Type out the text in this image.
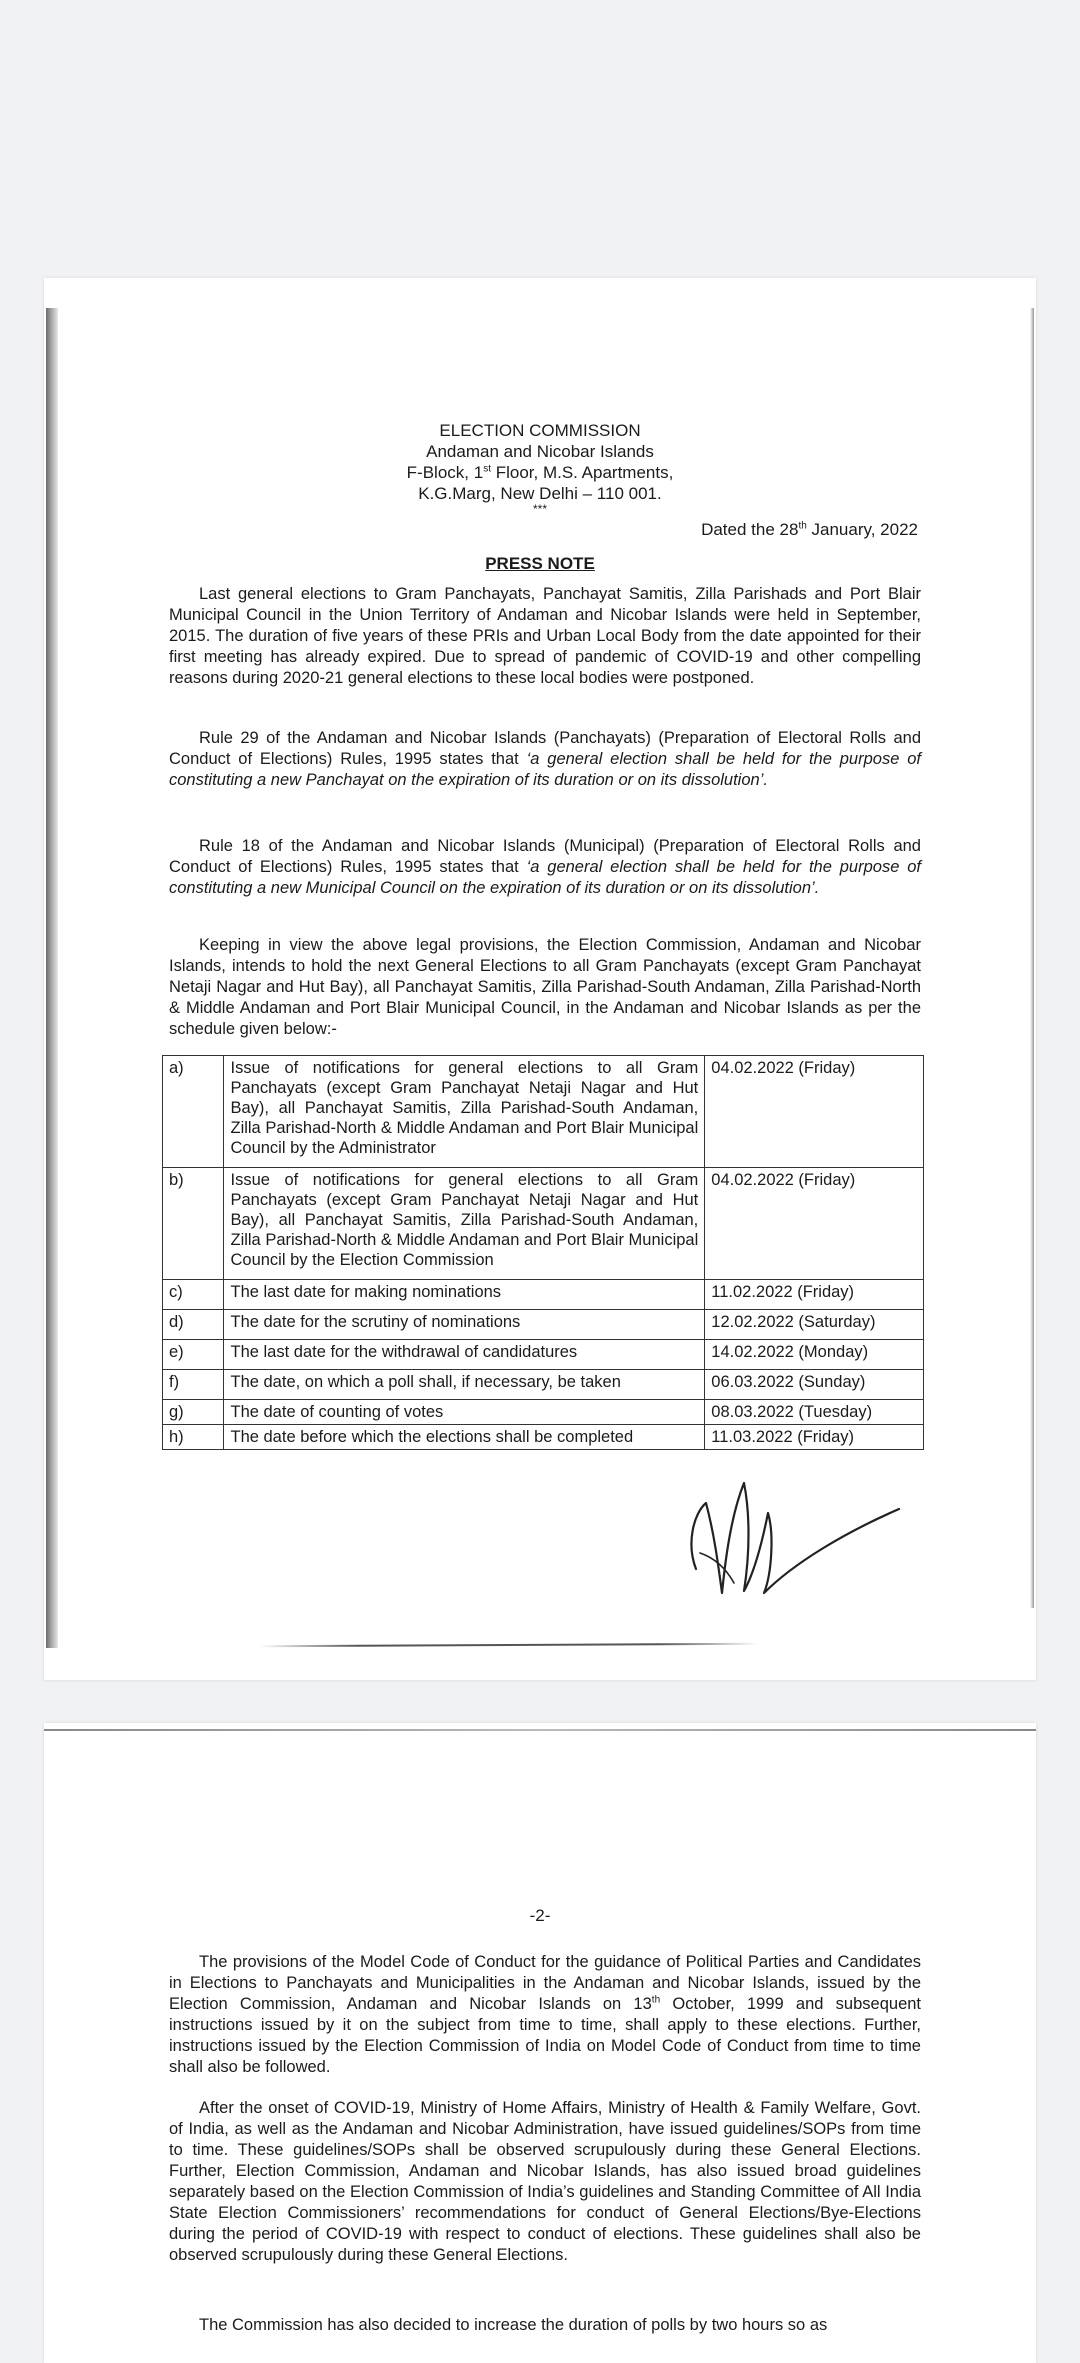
ELECTION COMMISSION
Andaman and Nicobar Islands
F-Block, 1st Floor, M.S. Apartments,
K.G.Marg, New Delhi – 110 001.
***
Dated the 28th January, 2022
PRESS NOTE

Last general elections to Gram Panchayats, Panchayat Samitis, Zilla Parishads and Port Blair Municipal Council in the Union Territory of Andaman and Nicobar Islands were held in September, 2015. The duration of five years of these PRIs and Urban Local Body from the date appointed for their first meeting has already expired. Due to spread of pandemic of COVID-19 and other compelling reasons during 2020-21 general elections to these local bodies were postponed.

Rule 29 of the Andaman and Nicobar Islands (Panchayats) (Preparation of Electoral Rolls and Conduct of Elections) Rules, 1995 states that ‘a general election shall be held for the purpose of constituting a new Panchayat on the expiration of its duration or on its dissolution’.

Rule 18 of the Andaman and Nicobar Islands (Municipal) (Preparation of Electoral Rolls and Conduct of Elections) Rules, 1995 states that ‘a general election shall be held for the purpose of constituting a new Municipal Council on the expiration of its duration or on its dissolution’.

Keeping in view the above legal provisions, the Election Commission, Andaman and Nicobar Islands, intends to hold the next General Elections to all Gram Panchayats (except Gram Panchayat Netaji Nagar and Hut Bay), all Panchayat Samitis, Zilla Parishad-South Andaman, Zilla Parishad-North & Middle Andaman and Port Blair Municipal Council, in the Andaman and Nicobar Islands as per the schedule given below:-

a)	Issue of notifications for general elections to all Gram Panchayats (except Gram Panchayat Netaji Nagar and Hut Bay), all Panchayat Samitis, Zilla Parishad-South Andaman, Zilla Parishad-North & Middle Andaman and Port Blair Municipal Council by the Administrator	04.02.2022 (Friday)
b)	Issue of notifications for general elections to all Gram Panchayats (except Gram Panchayat Netaji Nagar and Hut Bay), all Panchayat Samitis, Zilla Parishad-South Andaman, Zilla Parishad-North & Middle Andaman and Port Blair Municipal Council by the Election Commission	04.02.2022 (Friday)
c)	The last date for making nominations	11.02.2022 (Friday)
d)	The date for the scrutiny of nominations	12.02.2022 (Saturday)
e)	The last date for the withdrawal of candidatures	14.02.2022 (Monday)
f)	The date, on which a poll shall, if necessary, be taken	06.03.2022 (Sunday)
g)	The date of counting of votes	08.03.2022 (Tuesday)
h)	The date before which the elections shall be completed	11.03.2022 (Friday)
-2-

The provisions of the Model Code of Conduct for the guidance of Political Parties and Candidates in Elections to Panchayats and Municipalities in the Andaman and Nicobar Islands, issued by the Election Commission, Andaman and Nicobar Islands on 13th October, 1999 and subsequent instructions issued by it on the subject from time to time, shall apply to these elections. Further, instructions issued by the Election Commission of India on Model Code of Conduct from time to time shall also be followed.

After the onset of COVID-19, Ministry of Home Affairs, Ministry of Health & Family Welfare, Govt. of India, as well as the Andaman and Nicobar Administration, have issued guidelines/SOPs from time to time. These guidelines/SOPs shall be observed scrupulously during these General Elections. Further, Election Commission, Andaman and Nicobar Islands, has also issued broad guidelines separately based on the Election Commission of India’s guidelines and Standing Committee of All India State Election Commissioners’ recommendations for conduct of General Elections/Bye-Elections during the period of COVID-19 with respect to conduct of elections. These guidelines shall also be observed scrupulously during these General Elections.

The Commission has also decided to increase the duration of polls by two hours so as
